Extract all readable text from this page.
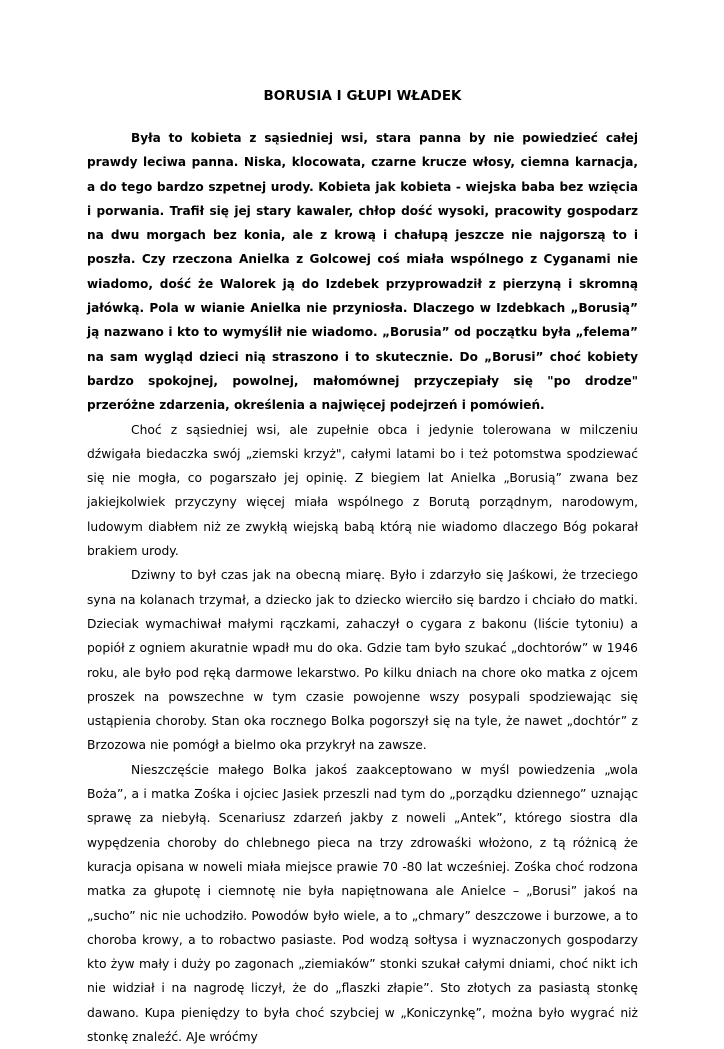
BORUSIA I GŁUPI WŁADEK

Była to kobieta z sąsiedniej wsi, stara panna by nie powiedzieć całej prawdy leciwa panna. Niska, klocowata, czarne krucze włosy, ciemna karnacja, a do tego bardzo szpetnej urody. Kobieta jak kobieta - wiejska baba bez wzięcia i porwania. Trafił się jej stary kawaler, chłop dość wysoki, pracowity gospodarz na dwu morgach bez konia, ale z krową i chałupą jeszcze nie najgorszą to i poszła. Czy rzeczona Anielka z Golcowej coś miała wspólnego z Cyganami nie wiadomo, dość że Walorek ją do Izdebek przyprowadził z pierzyną i skromną jałówką. Pola w wianie Anielka nie przyniosła. Dlaczego w Izdebkach „Borusią” ją nazwano i kto to wymyślił nie wiadomo. „Borusia” od początku była „felema” na sam wygląd dzieci nią straszono i to skutecznie. Do „Borusi” choć kobiety bardzo spokojnej, powolnej, małomównej przyczepiały się "po drodze" przeróżne zdarzenia, określenia a najwięcej podejrzeń i pomówień.

Choć z sąsiedniej wsi, ale zupełnie obca i jedynie tolerowana w milczeniu dźwigała biedaczka swój „ziemski krzyż", całymi latami bo i też potomstwa spodziewać się nie mogła, co pogarszało jej opinię. Z biegiem lat Anielka „Borusią” zwana bez jakiejkolwiek przyczyny więcej miała wspólnego z Borutą porządnym, narodowym, ludowym diabłem niż ze zwykłą wiejską babą którą nie wiadomo dlaczego Bóg pokarał brakiem urody.

Dziwny to był czas jak na obecną miarę. Było i zdarzyło się Jaśkowi, że trzeciego syna na kolanach trzymał, a dziecko jak to dziecko wierciło się bardzo i chciało do matki. Dzieciak wymachiwał małymi rączkami, zahaczył o cygara z bakonu (liście tytoniu) a popiół z ogniem akuratnie wpadł mu do oka. Gdzie tam było szukać „dochtorów” w 1946 roku, ale było pod ręką darmowe lekarstwo. Po kilku dniach na chore oko matka z ojcem proszek na powszechne w tym czasie powojenne wszy posypali spodziewając się ustąpienia choroby. Stan oka rocznego Bolka pogorszył się na tyle, że nawet „dochtór” z Brzozowa nie pomógł a bielmo oka przykrył na zawsze.

Nieszczęście małego Bolka jakoś zaakceptowano w myśl powiedzenia „wola Boża”, a i matka Zośka i ojciec Jasiek przeszli nad tym do „porządku dziennego” uznając sprawę za niebyłą. Scenariusz zdarzeń jakby z noweli „Antek”, którego siostra dla wypędzenia choroby do chlebnego pieca na trzy zdrowaśki włożono, z tą różnicą że kuracja opisana w noweli miała miejsce prawie 70 -80 lat wcześniej. Zośka choć rodzona matka za głupotę i ciemnotę nie była napiętnowana ale Anielce – „Borusi” jakoś na „sucho” nic nie uchodziło. Powodów było wiele, a to „chmary” deszczowe i burzowe, a to choroba krowy, a to robactwo pasiaste. Pod wodzą sołtysa i wyznaczonych gospodarzy kto żyw mały i duży po zagonach „ziemiaków” stonki szukał całymi dniami, choć nikt ich nie widział i na nagrodę liczył, że do „flaszki złapie”. Sto złotych za pasiastą stonkę dawano. Kupa pieniędzy to była choć szybciej w „Koniczynkę”, można było wygrać niż stonkę znaleźć. AJe wróćmy
